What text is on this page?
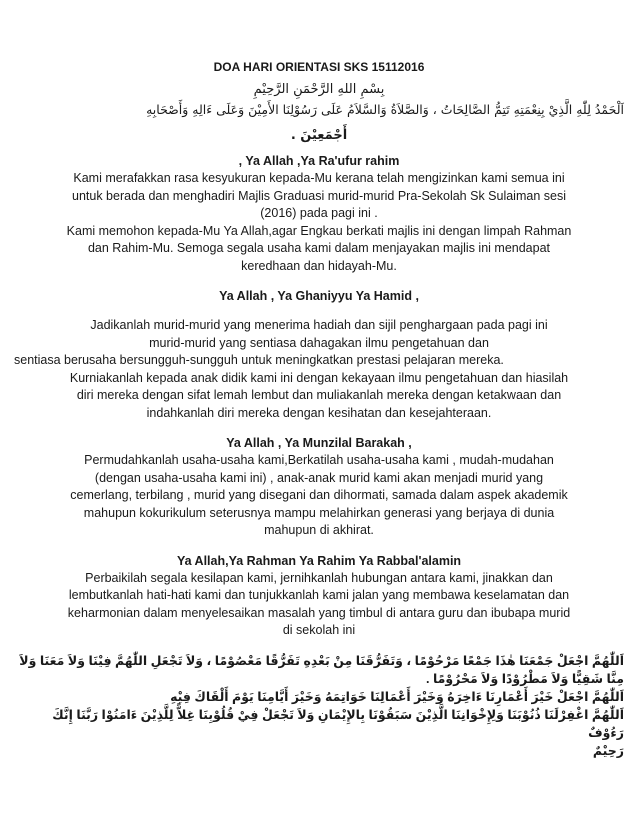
DOA HARI ORIENTASI SKS 15112016
بِسْمِ اللهِ الرَّحْمَنِ الرَّحِيْمِ
اَلْحَمْدُ لِلّٰهِ الَّذِيْ بِنِعْمَتِهِ تَتِمُّ الصَّالِحَاتُ ، وَالصَّلاَةُ وَالسَّلاَمُ عَلَى رَسُوْلِنَا الأَمِيْنَ وَعَلَى ءَالِهِ وَأَصْحَابِهِ
أَجْمَعِيْنَ .
, Ya Allah ,Ya Ra'ufur rahim

Kami merafakkan rasa kesyukuran kepada-Mu kerana telah mengizinkan kami semua ini

untuk berada dan menghadiri Majlis Graduasi murid-murid Pra-Sekolah Sk Sulaiman sesi

(2016) pada pagi ini .

Kami memohon kepada-Mu Ya Allah,agar Engkau berkati majlis ini dengan limpah Rahman

dan Rahim-Mu. Semoga segala usaha kami dalam menjayakan majlis ini mendapat

keredhaan dan hidayah-Mu.

Ya Allah , Ya Ghaniyyu Ya Hamid ,

Jadikanlah murid-murid yang menerima hadiah dan sijil penghargaan pada pagi ini

murid-murid yang sentiasa dahagakan ilmu pengetahuan dan

sentiasa berusaha bersungguh-sungguh untuk meningkatkan prestasi pelajaran mereka.

Kurniakanlah kepada anak didik kami ini dengan kekayaan ilmu pengetahuan dan hiasilah

diri mereka dengan sifat lemah lembut dan muliakanlah mereka dengan ketakwaan dan

indahkanlah diri mereka dengan kesihatan dan kesejahteraan.

Ya Allah , Ya Munzilal Barakah ,

Permudahkanlah usaha-usaha kami,Berkatilah usaha-usaha kami , mudah-mudahan

(dengan usaha-usaha kami ini) , anak-anak murid kami akan menjadi murid yang

cemerlang, terbilang , murid yang disegani dan dihormati, samada dalam aspek akademik

mahupun kokurikulum seterusnya mampu melahirkan generasi yang berjaya di dunia

mahupun di akhirat.

Ya Allah,Ya Rahman Ya Rahim Ya Rabbal'alamin

Perbaikilah segala kesilapan kami, jernihkanlah hubungan antara kami, jinakkan dan

lembutkanlah hati-hati kami dan tunjukkanlah kami jalan yang membawa keselamatan dan

keharmonian dalam menyelesaikan masalah yang timbul di antara guru dan ibubapa murid

di sekolah ini

اَللّٰهُمَّ اجْعَلْ جَمْعَنَا هٰذَا جَمْعًا مَرْحُوْمًا ، وَتَفَرُّقَنَا مِنْ بَعْدِهِ تَفَرُّقًا مَعْصُوْمًا ، وَلاَ تَجْعَلِ اللّٰهُمَّ فِيْنَا وَلاَ مَعَنَا وَلاَ
مِنَّا شَقِيًّا وَلاَ مَطْرُوْدًا وَلاَ مَحْرُوْمًا .
اَللّٰهُمَّ اجْعَلْ خَيْرَ أَعْمَارِنَا ءَاخِرَهُ وَخَيْرَ أَعْمَالِنَا خَوَاتِمَهُ وَخَيْرَ أَيَّامِنَا يَوْمَ أَلْقَاكَ فِيْهِ
اَللّٰهُمَّ اغْفِرْلَنَا ذُنُوْبَنَا وَلِإِخْوَانِنَا الَّذِيْنَ سَبَقُوْنَا بِالإِيْمَانِ وَلاَ تَجْعَلْ فِيْ قُلُوْبِنَا غِلاًّ لِلَّذِيْنَ ءَامَنُوْا رَبَّنَا إِنَّكَ رَءُوْفٌ
رَحِيْمٌ
